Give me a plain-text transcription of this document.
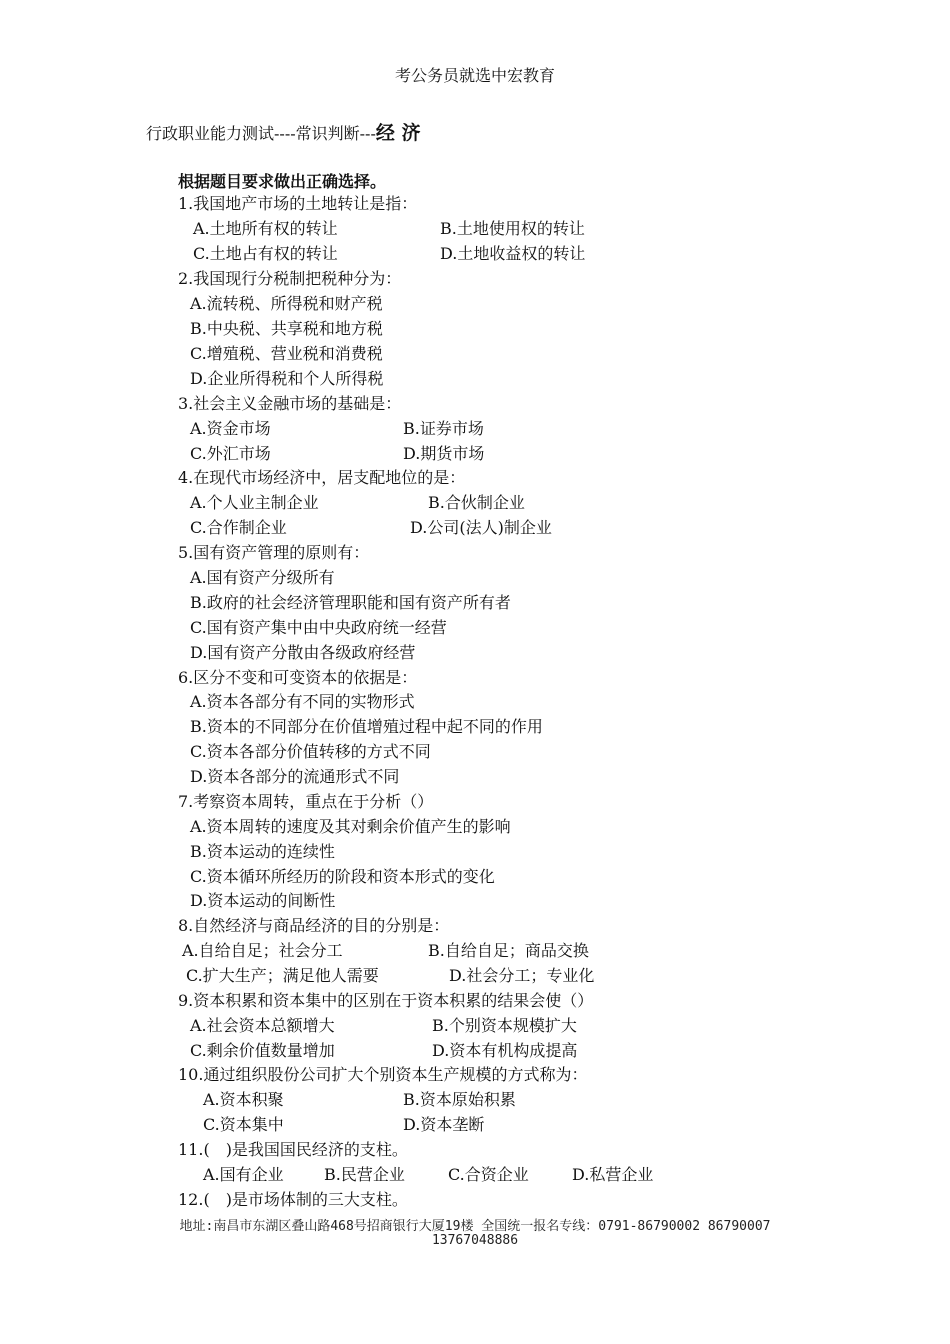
考公务员就选中宏教育
行政职业能力测试----常识判断---经 济
根据题目要求做出正确选择。
1.我国地产市场的土地转让是指：
A.土地所有权的转让	B.土地使用权的转让
C.土地占有权的转让	D.土地收益权的转让
2.我国现行分税制把税种分为：
A.流转税、所得税和财产税
B.中央税、共享税和地方税
C.增殖税、营业税和消费税
D.企业所得税和个人所得税
3.社会主义金融市场的基础是：
A.资金市场	B.证券市场
C.外汇市场	D.期货市场
4.在现代市场经济中，居支配地位的是：
A.个人业主制企业	B.合伙制企业
C.合作制企业	D.公司(法人)制企业
5.国有资产管理的原则有：
A.国有资产分级所有
B.政府的社会经济管理职能和国有资产所有者
C.国有资产集中由中央政府统一经营
D.国有资产分散由各级政府经营
6.区分不变和可变资本的依据是：
A.资本各部分有不同的实物形式
B.资本的不同部分在价值增殖过程中起不同的作用
C.资本各部分价值转移的方式不同
D.资本各部分的流通形式不同
7.考察资本周转，重点在于分析（）
A.资本周转的速度及其对剩余价值产生的影响
B.资本运动的连续性
C.资本循环所经历的阶段和资本形式的变化
D.资本运动的间断性
8.自然经济与商品经济的目的分别是：
A.自给自足；社会分工	B.自给自足；商品交换
C.扩大生产；满足他人需要	D.社会分工；专业化
9.资本积累和资本集中的区别在于资本积累的结果会使（）
A.社会资本总额增大	B.个别资本规模扩大
C.剩余价值数量增加	D.资本有机构成提高
10.通过组织股份公司扩大个别资本生产规模的方式称为：
A.资本积聚	B.资本原始积累
C.资本集中	D.资本垄断
11.(　)是我国国民经济的支柱。
A.国有企业	B.民营企业	C.合资企业	D.私营企业
12.(　)是市场体制的三大支柱。
地址:南昌市东湖区叠山路468号招商银行大厦19楼 全国统一报名专线：0791-86790002 86790007
13767048886
